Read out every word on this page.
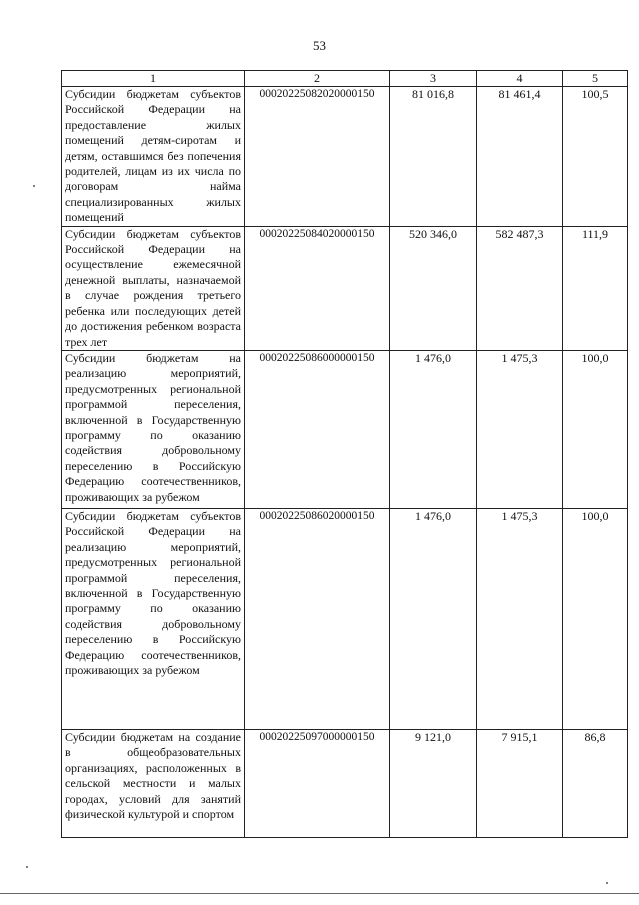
53
1	2	3	4	5
Субсидии бюджетам субъектов Российской Федерации на предоставление жилых помещений детям-сиротам и детям, оставшимся без попечения родителей, лицам из их числа по договорам найма специализированных жилых помещений	00020225082020000150	81 016,8	81 461,4	100,5
Субсидии бюджетам субъектов Российской Федерации на осуществление ежемесячной денежной выплаты, назначаемой в случае рождения третьего ребенка или последующих детей до достижения ребенком возраста трех лет	00020225084020000150	520 346,0	582 487,3	111,9
Субсидии бюджетам на реализацию мероприятий, предусмотренных региональной программой переселения, включенной в Государственную программу по оказанию содействия добровольному переселению в Российскую Федерацию соотечественников, проживающих за рубежом	00020225086000000150	1 476,0	1 475,3	100,0
Субсидии бюджетам субъектов Российской Федерации на реализацию мероприятий, предусмотренных региональной программой переселения, включенной в Государственную программу по оказанию содействия добровольному переселению в Российскую Федерацию соотечественников, проживающих за рубежом	00020225086020000150	1 476,0	1 475,3	100,0
Субсидии бюджетам на создание в общеобразовательных организациях, расположенных в сельской местности и малых городах, условий для занятий физической культурой и спортом	00020225097000000150	9 121,0	7 915,1	86,8
